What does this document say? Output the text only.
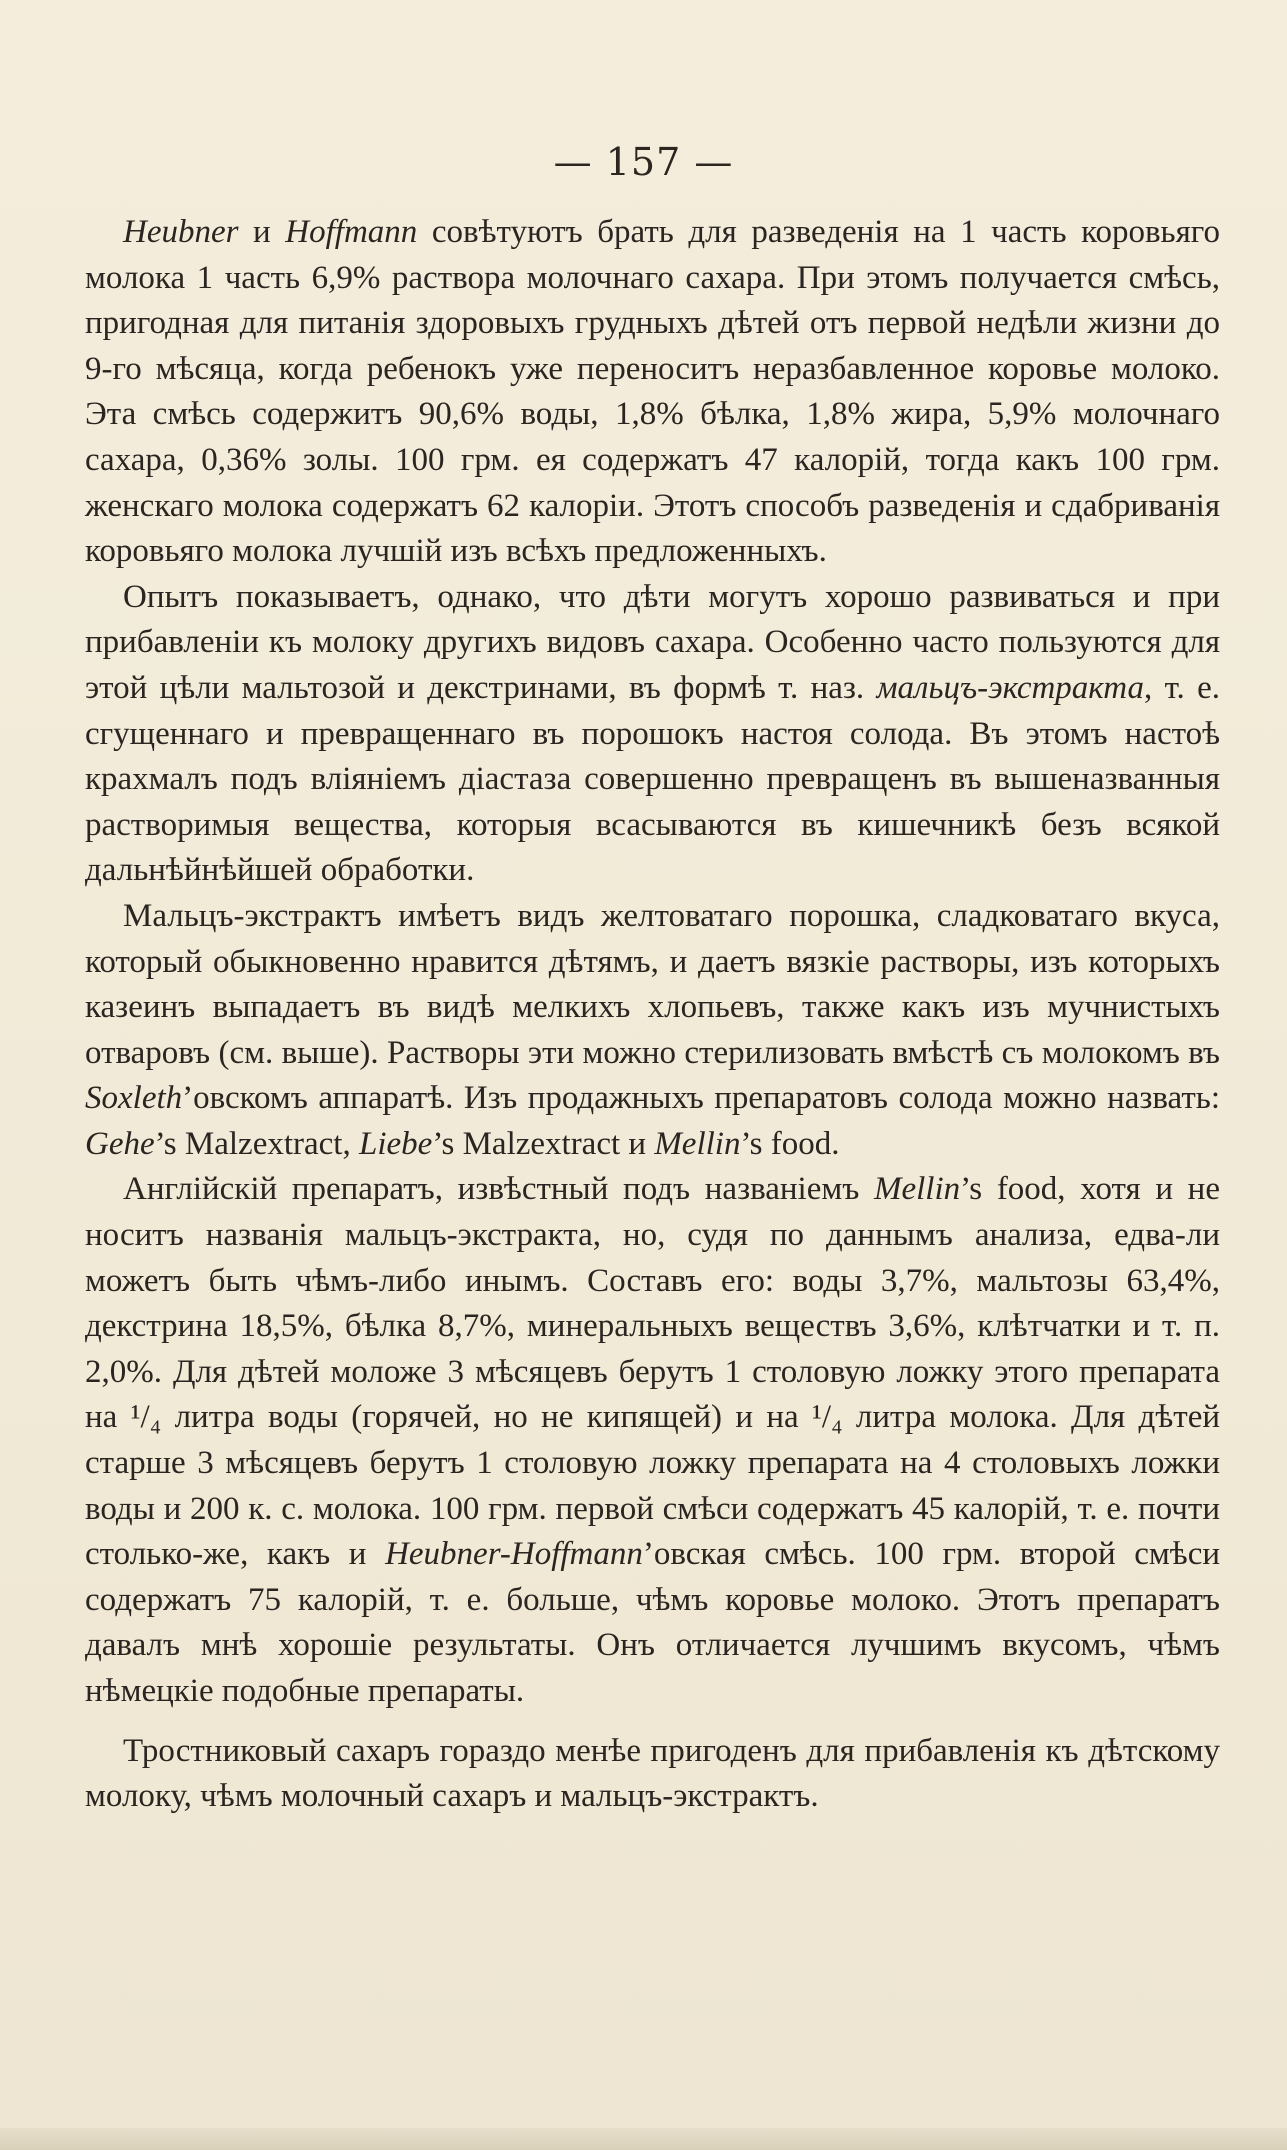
— 157 —

Heubner и Hoffmann совѣтуютъ брать для разведенія на 1 часть коровьяго молока 1 часть 6,9% раствора молочнаго сахара. При этомъ получается смѣсь, пригодная для питанія здоровыхъ грудныхъ дѣтей отъ первой недѣли жизни до 9-го мѣсяца, когда ребенокъ уже переноситъ неразбавленное коровье молоко. Эта смѣсь содержитъ 90,6% воды, 1,8% бѣлка, 1,8% жира, 5,9% молочнаго сахара, 0,36% золы. 100 грм. ея содержатъ 47 калорій, тогда какъ 100 грм. женскаго молока содержатъ 62 калоріи. Этотъ способъ разведенія и сдабриванія коровьяго молока лучшій изъ всѣхъ предложенныхъ.

Опытъ показываетъ, однако, что дѣти могутъ хорошо развиваться и при прибавленіи къ молоку другихъ видовъ сахара. Особенно часто пользуются для этой цѣли мальтозой и декстринами, въ формѣ т. наз. мальцъ-экстракта, т. е. сгущеннаго и превращеннаго въ порошокъ настоя солода. Въ этомъ настоѣ крахмалъ подъ вліяніемъ діастаза совершенно превращенъ въ вышеназванныя растворимыя вещества, которыя всасываются въ кишечникѣ безъ всякой дальнѣйнѣйшей обработки.

Мальцъ-экстрактъ имѣетъ видъ желтоватаго порошка, сладковатаго вкуса, который обыкновенно нравится дѣтямъ, и даетъ вязкіе растворы, изъ которыхъ казеинъ выпадаетъ въ видѣ мелкихъ хлопьевъ, также какъ изъ мучнистыхъ отваровъ (см. выше). Растворы эти можно стерилизовать вмѣстѣ съ молокомъ въ Soxleth’овскомъ аппаратѣ. Изъ продажныхъ препаратовъ солода можно назвать: Gehe’s Malzextract, Liebe’s Malzextract и Mellin’s food.

Англійскій препаратъ, извѣстный подъ названіемъ Mellin’s food, хотя и не носитъ названія мальцъ-экстракта, но, судя по даннымъ анализа, едва-ли можетъ быть чѣмъ-либо инымъ. Составъ его: воды 3,7%, мальтозы 63,4%, декстрина 18,5%, бѣлка 8,7%, минеральныхъ веществъ 3,6%, клѣтчатки и т. п. 2,0%. Для дѣтей моложе 3 мѣсяцевъ берутъ 1 столовую ложку этого препарата на ¹/₄ литра воды (горячей, но не кипящей) и на ¹/₄ литра молока. Для дѣтей старше 3 мѣсяцевъ берутъ 1 столовую ложку препарата на 4 столовыхъ ложки воды и 200 к. с. молока. 100 грм. первой смѣси содержатъ 45 калорій, т. е. почти столько-же, какъ и Heubner-Hoffmann’овская смѣсь. 100 грм. второй смѣси содержатъ 75 калорій, т. е. больше, чѣмъ коровье молоко. Этотъ препаратъ давалъ мнѣ хорошіе результаты. Онъ отличается лучшимъ вкусомъ, чѣмъ нѣмецкіе подобные препараты.

Тростниковый сахаръ гораздо менѣе пригоденъ для прибавленія къ дѣтскому молоку, чѣмъ молочный сахаръ и мальцъ-экстрактъ.
